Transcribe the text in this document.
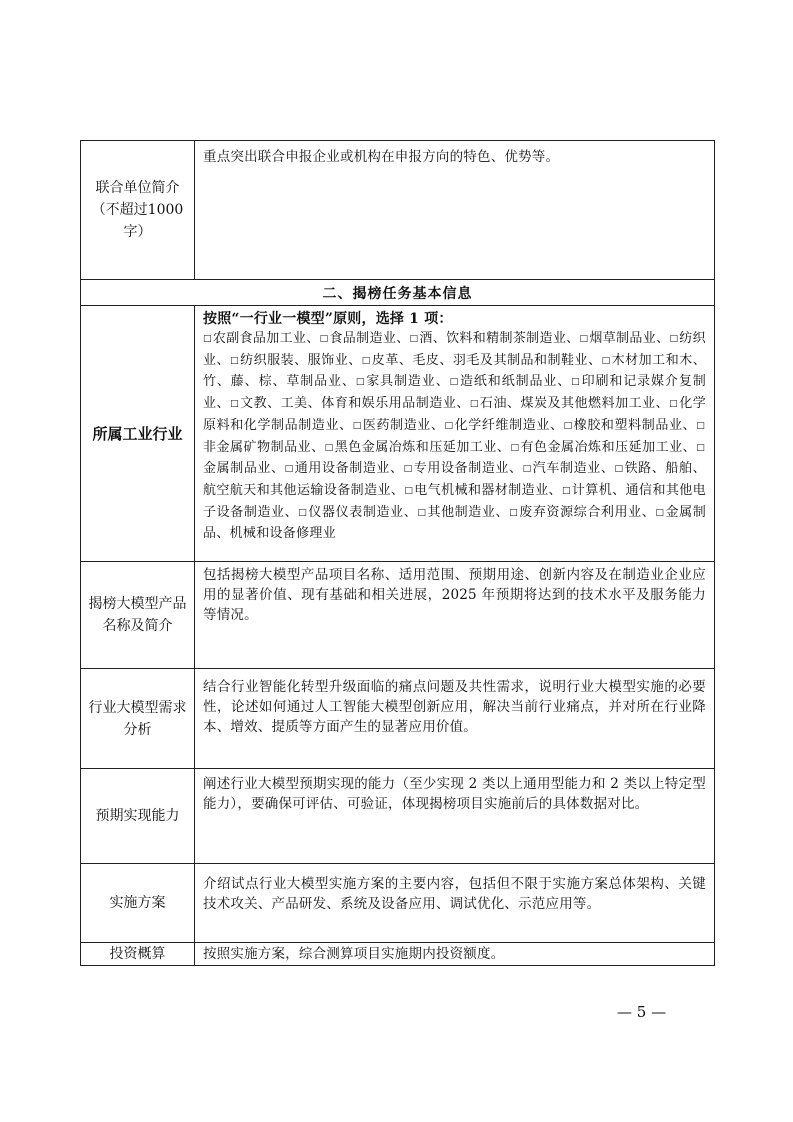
联合单位简介
（不超过1000
字）	重点突出联合申报企业或机构在申报方向的特色、优势等。
二、揭榜任务基本信息	
所属工业行业	按照“一行业一模型”原则，选择 1 项：
□农副食品加工业、□食品制造业、□酒、饮料和精制茶制造业、□烟草制品业、□纺织业、□纺织服装、服饰业、□皮革、毛皮、羽毛及其制品和制鞋业、□木材加工和木、竹、藤、棕、草制品业、□家具制造业、□造纸和纸制品业、□印刷和记录媒介复制业、□文教、工美、体育和娱乐用品制造业、□石油、煤炭及其他燃料加工业、□化学原料和化学制品制造业、□医药制造业、□化学纤维制造业、□橡胶和塑料制品业、□非金属矿物制品业、□黑色金属冶炼和压延加工业、□有色金属冶炼和压延加工业、□金属制品业、□通用设备制造业、□专用设备制造业、□汽车制造业、□铁路、船舶、航空航天和其他运输设备制造业、□电气机械和器材制造业、□计算机、通信和其他电子设备制造业、□仪器仪表制造业、□其他制造业、□废弃资源综合利用业、□金属制品、机械和设备修理业

揭榜大模型产品名称及简介	包括揭榜大模型产品项目名称、适用范围、预期用途、创新内容及在制造业企业应用的显著价值、现有基础和相关进展，2025 年预期将达到的技术水平及服务能力等情况。
行业大模型需求分析	结合行业智能化转型升级面临的痛点问题及共性需求，说明行业大模型实施的必要性，论述如何通过人工智能大模型创新应用，解决当前行业痛点，并对所在行业降本、增效、提质等方面产生的显著应用价值。
预期实现能力	阐述行业大模型预期实现的能力（至少实现 2 类以上通用型能力和 2 类以上特定型能力），要确保可评估、可验证，体现揭榜项目实施前后的具体数据对比。
实施方案	介绍试点行业大模型实施方案的主要内容，包括但不限于实施方案总体架构、关键技术攻关、产品研发、系统及设备应用、调试优化、示范应用等。
投资概算	按照实施方案，综合测算项目实施期内投资额度。
— 5 —
